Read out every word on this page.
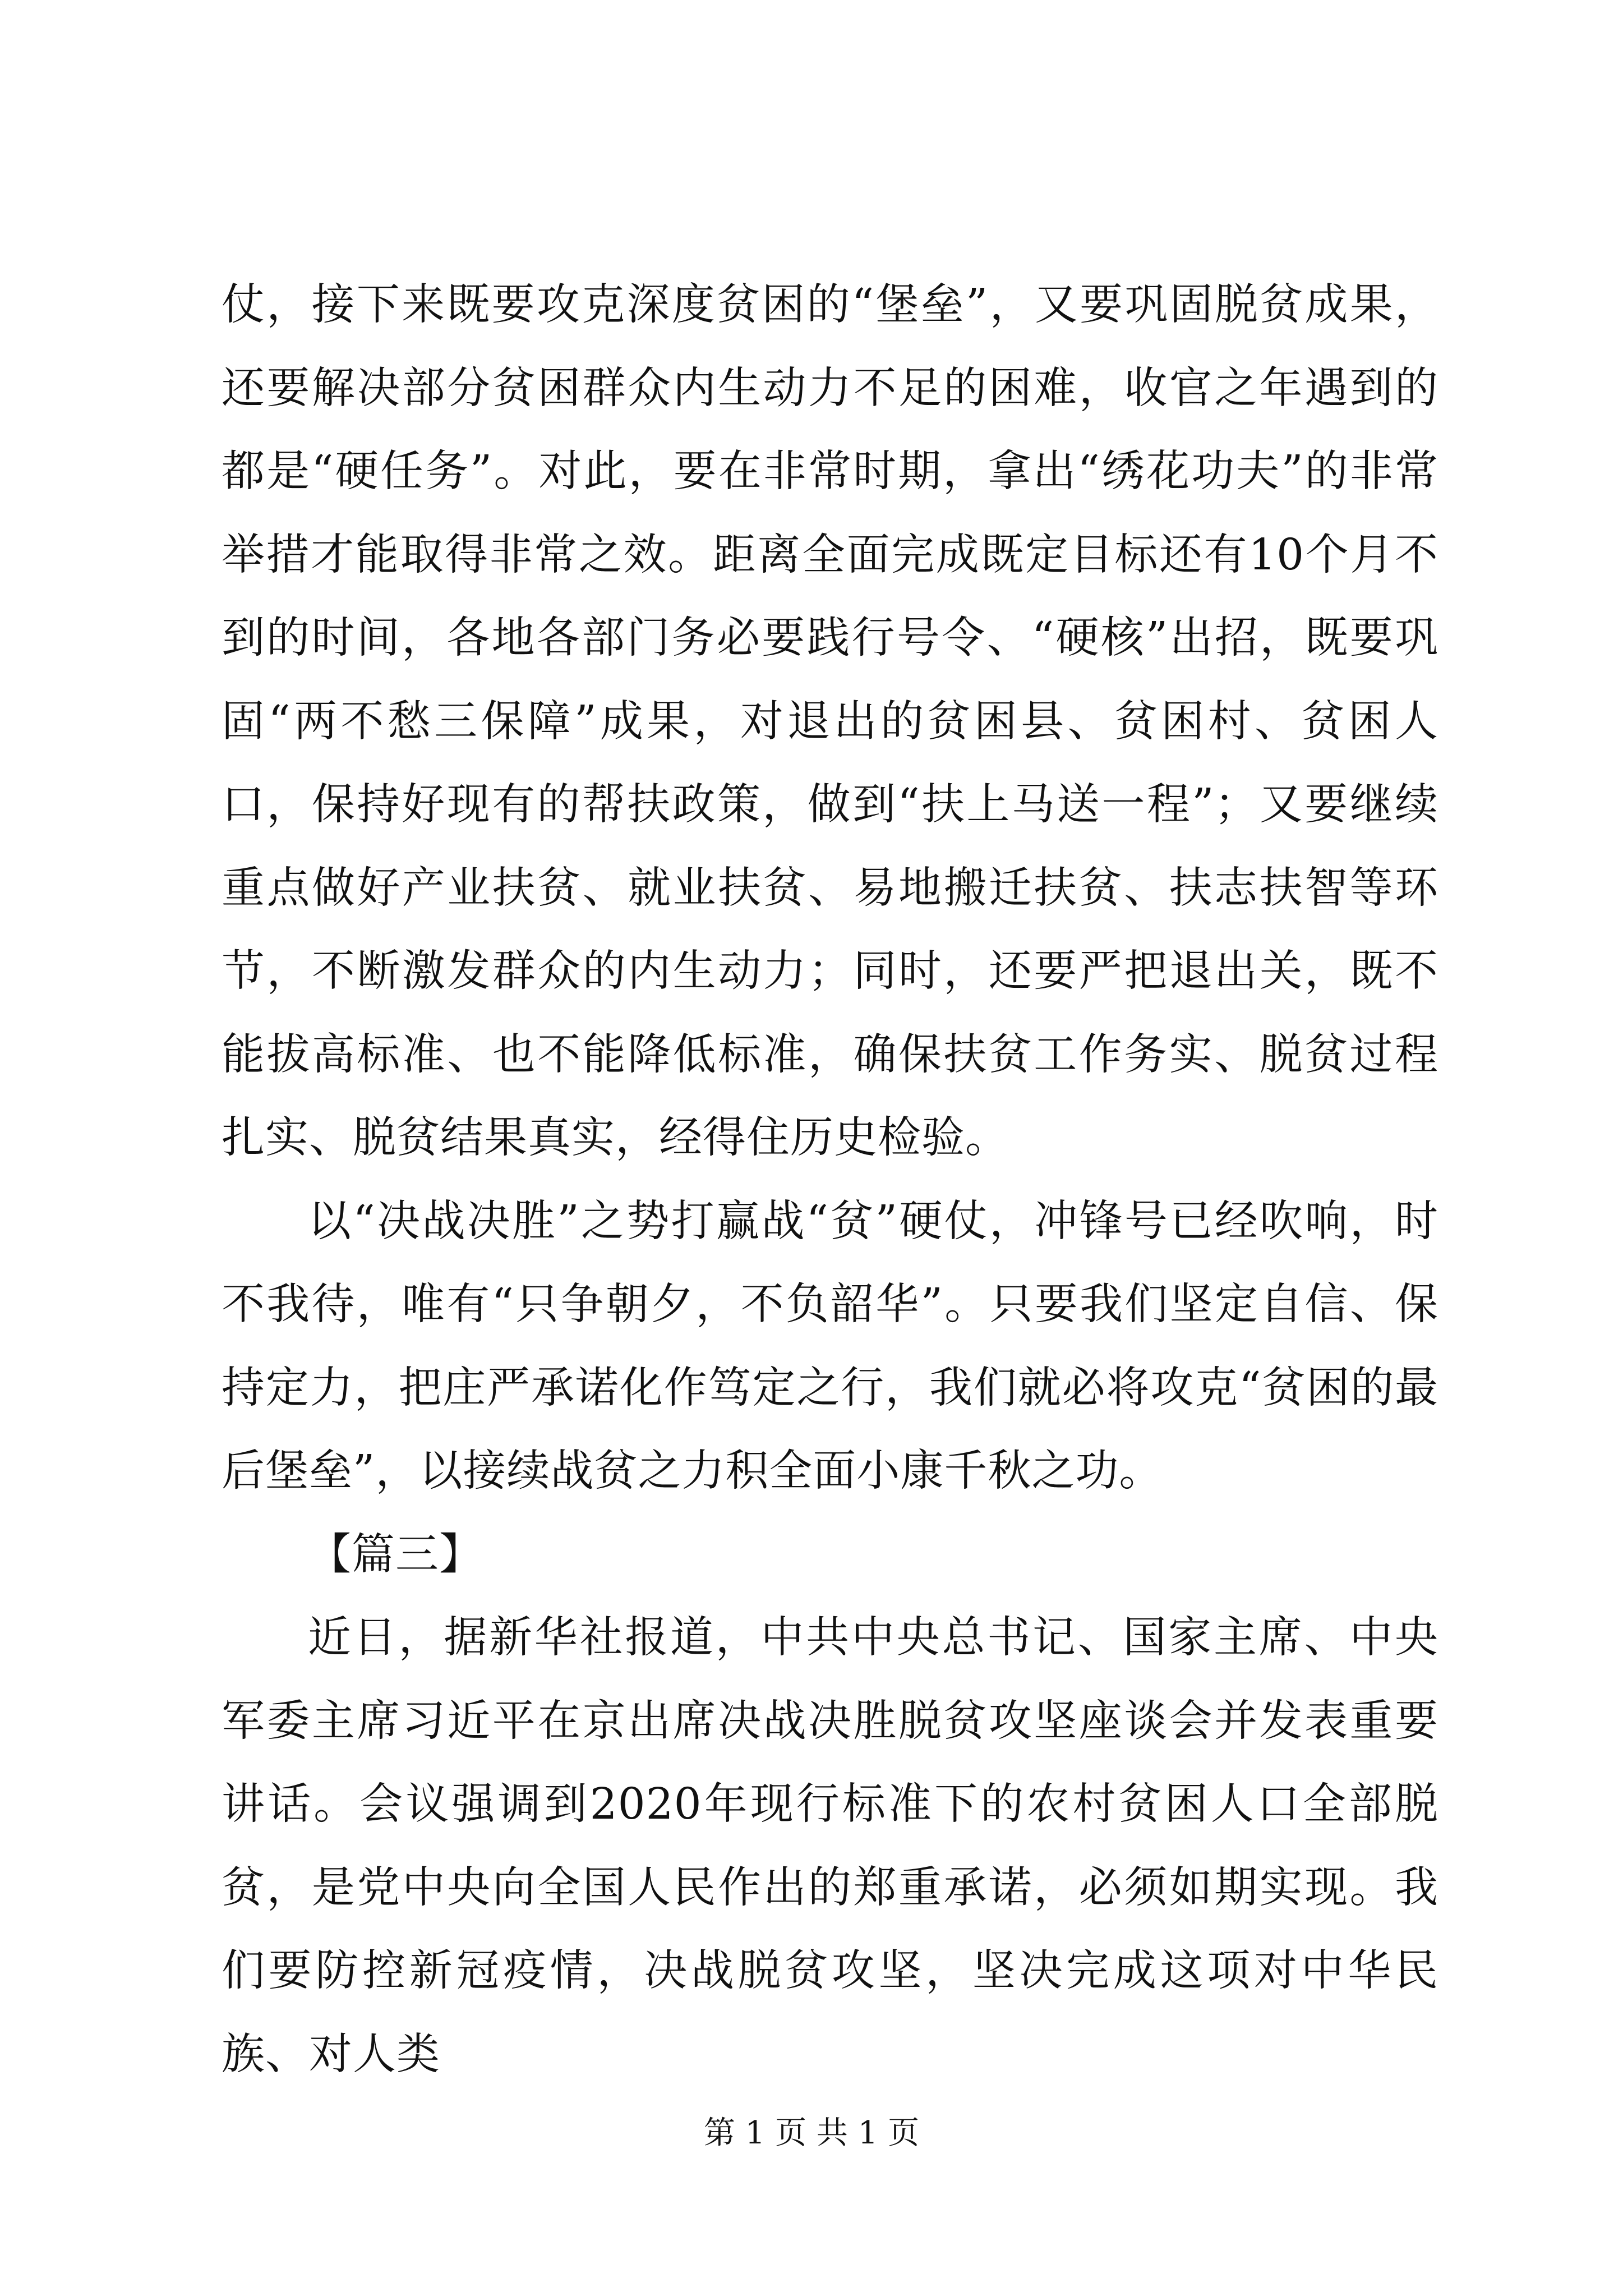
仗，接下来既要攻克深度贫困的“堡垒”，又要巩固脱贫成果，还要解决部分贫困群众内生动力不足的困难，收官之年遇到的都是“硬任务”。对此，要在非常时期，拿出“绣花功夫”的非常举措才能取得非常之效。距离全面完成既定目标还有10个月不到的时间，各地各部门务必要践行号令、“硬核”出招，既要巩固“两不愁三保障”成果，对退出的贫困县、贫困村、贫困人口，保持好现有的帮扶政策，做到“扶上马送一程”；又要继续重点做好产业扶贫、就业扶贫、易地搬迁扶贫、扶志扶智等环节，不断激发群众的内生动力；同时，还要严把退出关，既不能拔高标准、也不能降低标准，确保扶贫工作务实、脱贫过程扎实、脱贫结果真实，经得住历史检验。

以“决战决胜”之势打赢战“贫”硬仗，冲锋号已经吹响，时不我待，唯有“只争朝夕，不负韶华”。只要我们坚定自信、保持定力，把庄严承诺化作笃定之行，我们就必将攻克“贫困的最后堡垒”，以接续战贫之力积全面小康千秋之功。

【篇三】

近日，据新华社报道，中共中央总书记、国家主席、中央军委主席习近平在京出席决战决胜脱贫攻坚座谈会并发表重要讲话。会议强调到2020年现行标准下的农村贫困人口全部脱贫，是党中央向全国人民作出的郑重承诺，必须如期实现。我们要防控新冠疫情，决战脱贫攻坚，坚决完成这项对中华民族、对人类

第 1 页 共 1 页
